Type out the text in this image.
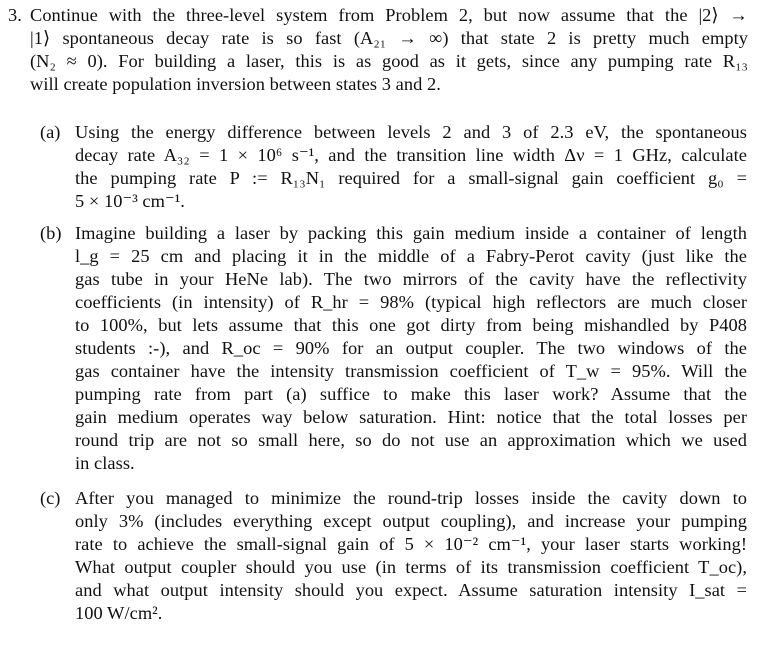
3. Continue with the three-level system from Problem 2, but now assume that the |2⟩ →
|1⟩ spontaneous decay rate is so fast (A₂₁ → ∞) that state 2 is pretty much empty
(N₂ ≈ 0). For building a laser, this is as good as it gets, since any pumping rate R₁₃
will create population inversion between states 3 and 2.
(a) Using the energy difference between levels 2 and 3 of 2.3 eV, the spontaneous
decay rate A₃₂ = 1 × 10⁶ s⁻¹, and the transition line width Δν = 1 GHz, calculate
the pumping rate P := R₁₃N₁ required for a small-signal gain coefficient g₀ =
5 × 10⁻³ cm⁻¹.
(b) Imagine building a laser by packing this gain medium inside a container of length
l_g = 25 cm and placing it in the middle of a Fabry-Perot cavity (just like the
gas tube in your HeNe lab). The two mirrors of the cavity have the reflectivity
coefficients (in intensity) of R_hr = 98% (typical high reflectors are much closer
to 100%, but lets assume that this one got dirty from being mishandled by P408
students :-), and R_oc = 90% for an output coupler. The two windows of the
gas container have the intensity transmission coefficient of T_w = 95%. Will the
pumping rate from part (a) suffice to make this laser work? Assume that the
gain medium operates way below saturation. Hint: notice that the total losses per
round trip are not so small here, so do not use an approximation which we used
in class.
(c) After you managed to minimize the round-trip losses inside the cavity down to
only 3% (includes everything except output coupling), and increase your pumping
rate to achieve the small-signal gain of 5 × 10⁻² cm⁻¹, your laser starts working!
What output coupler should you use (in terms of its transmission coefficient T_oc),
and what output intensity should you expect. Assume saturation intensity I_sat =
100 W/cm².
